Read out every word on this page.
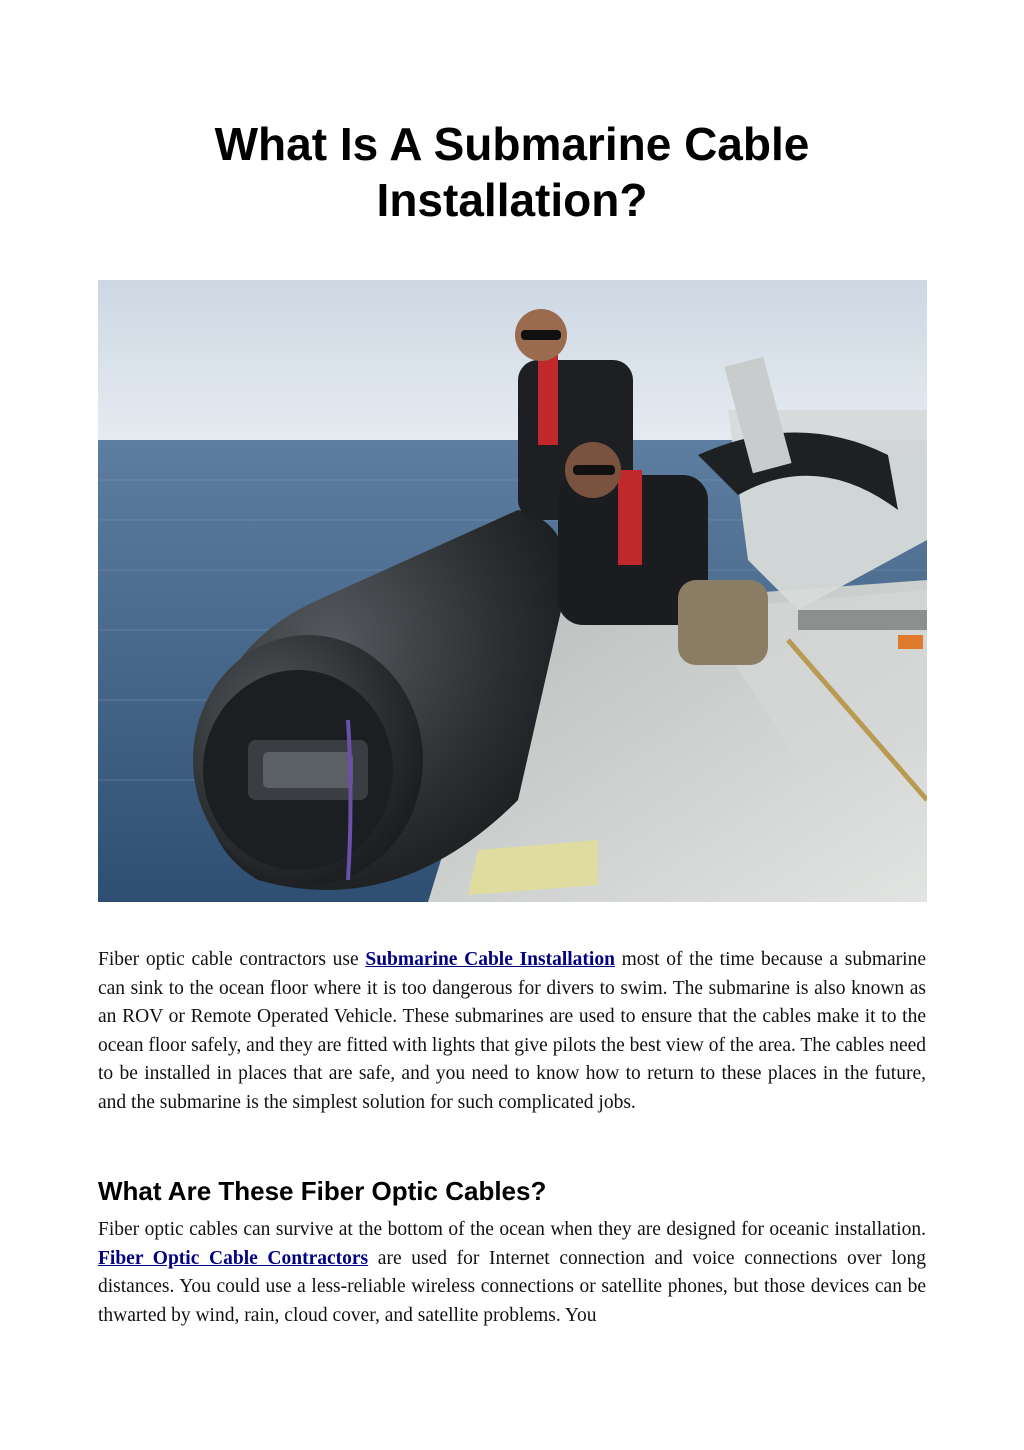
What Is A Submarine Cable Installation?

Fiber optic cable contractors use Submarine Cable Installation most of the time because a submarine can sink to the ocean floor where it is too dangerous for divers to swim. The submarine is also known as an ROV or Remote Operated Vehicle. These submarines are used to ensure that the cables make it to the ocean floor safely, and they are fitted with lights that give pilots the best view of the area. The cables need to be installed in places that are safe, and you need to know how to return to these places in the future, and the submarine is the simplest solution for such complicated jobs.

What Are These Fiber Optic Cables?

Fiber optic cables can survive at the bottom of the ocean when they are designed for oceanic installation. Fiber Optic Cable Contractors are used for Internet connection and voice connections over long distances. You could use a less-reliable wireless connections or satellite phones, but those devices can be thwarted by wind, rain, cloud cover, and satellite problems. You
